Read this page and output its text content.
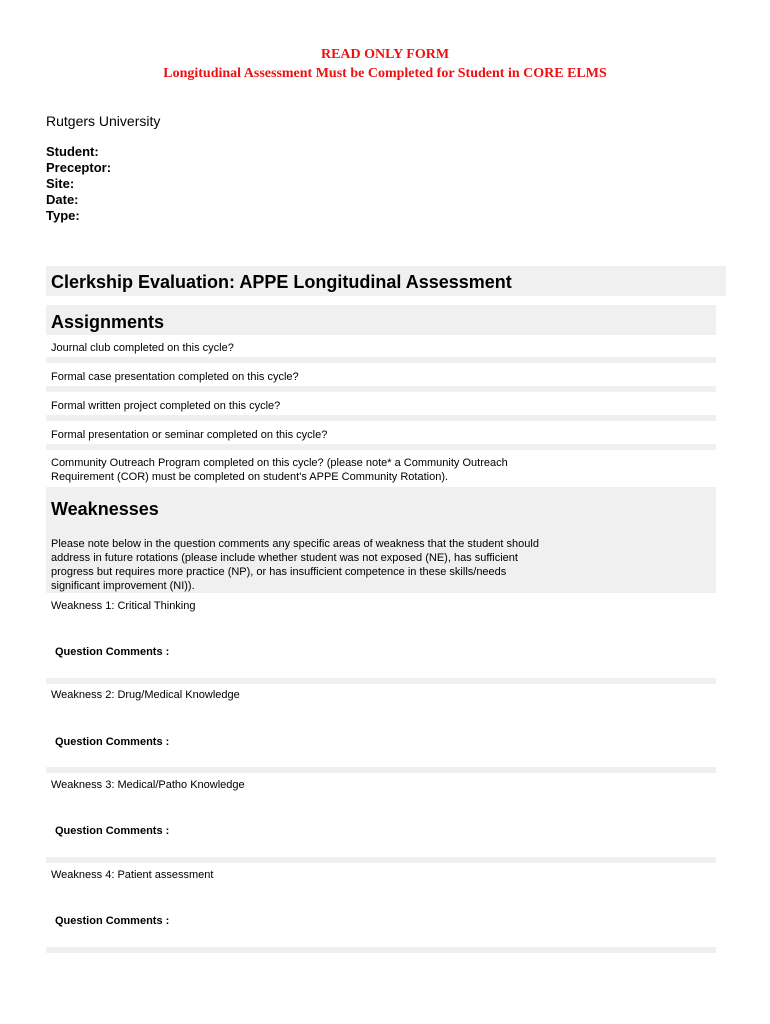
READ ONLY FORM
Longitudinal Assessment Must be Completed for Student in CORE ELMS
Rutgers University
Student:
Preceptor:
Site:
Date:
Type:
Clerkship Evaluation: APPE Longitudinal Assessment
Assignments
Journal club completed on this cycle?
Formal case presentation completed on this cycle?
Formal written project completed on this cycle?
Formal presentation or seminar completed on this cycle?
Community Outreach Program completed on this cycle? (please note* a Community Outreach Requirement (COR) must be completed on student's APPE Community Rotation).
Weaknesses
Please note below in the question comments any specific areas of weakness that the student should address in future rotations (please include whether student was not exposed (NE), has sufficient progress but requires more practice (NP), or has insufficient competence in these skills/needs significant improvement (NI)).
Weakness 1: Critical Thinking
Question Comments :
Weakness 2: Drug/Medical Knowledge
Question Comments :
Weakness 3: Medical/Patho Knowledge
Question Comments :
Weakness 4: Patient assessment
Question Comments :
